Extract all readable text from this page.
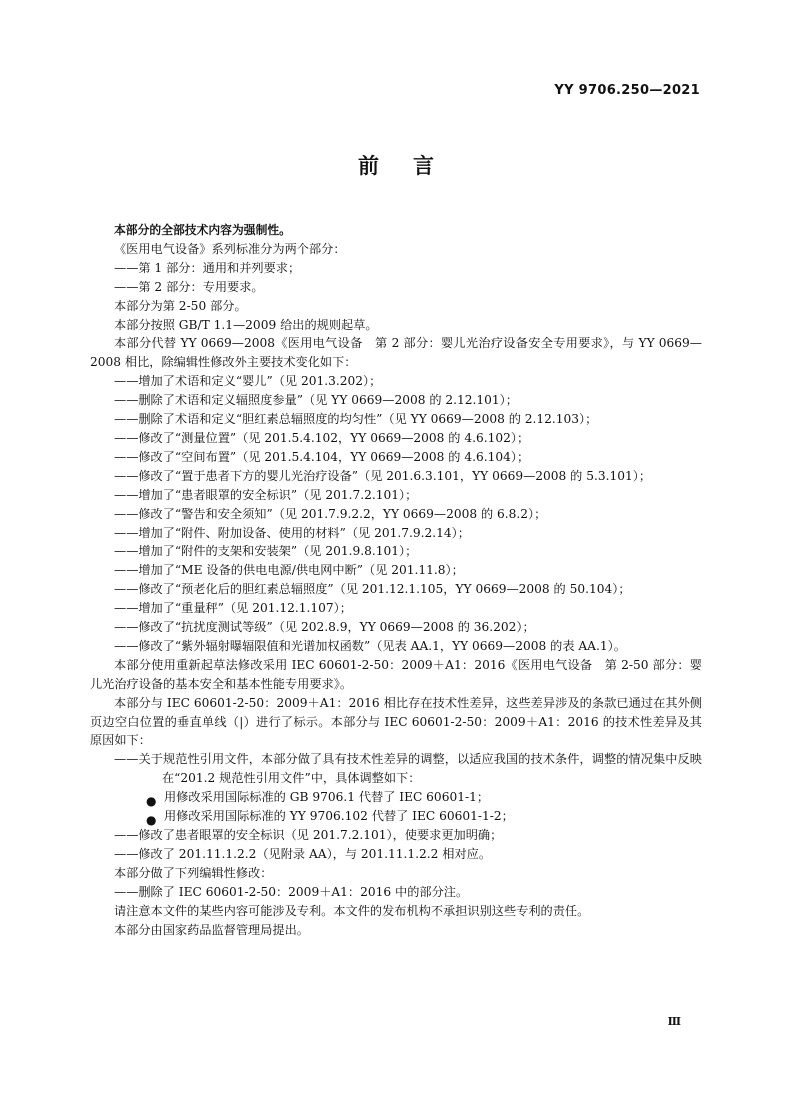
YY 9706.250—2021
前言

本部分的全部技术内容为强制性。

《医用电气设备》系列标准分为两个部分：

——第 1 部分：通用和并列要求；

——第 2 部分：专用要求。

本部分为第 2-50 部分。

本部分按照 GB/T 1.1—2009 给出的规则起草。

本部分代替 YY 0669—2008《医用电气设备　第 2 部分：婴儿光治疗设备安全专用要求》，与 YY 0669—2008 相比，除编辑性修改外主要技术变化如下：

——增加了术语和定义“婴儿”（见 201.3.202）；

——删除了术语和定义辐照度参量”（见 YY 0669—2008 的 2.12.101）；

——删除了术语和定义“胆红素总辐照度的均匀性”（见 YY 0669—2008 的 2.12.103）；

——修改了“测量位置”（见 201.5.4.102，YY 0669—2008 的 4.6.102）；

——修改了“空间布置”（见 201.5.4.104，YY 0669—2008 的 4.6.104）；

——修改了“置于患者下方的婴儿光治疗设备”（见 201.6.3.101，YY 0669—2008 的 5.3.101）；

——增加了“患者眼罩的安全标识”（见 201.7.2.101）；

——修改了“警告和安全须知”（见 201.7.9.2.2，YY 0669—2008 的 6.8.2）；

——增加了“附件、附加设备、使用的材料”（见 201.7.9.2.14）；

——增加了“附件的支架和安装架”（见 201.9.8.101）；

——增加了“ME 设备的供电电源/供电网中断”（见 201.11.8）；

——修改了“预老化后的胆红素总辐照度”（见 201.12.1.105，YY 0669—2008 的 50.104）；

——增加了“重量秤”（见 201.12.1.107）；

——修改了“抗扰度测试等级”（见 202.8.9，YY 0669—2008 的 36.202）；

——修改了“紫外辐射曝辐限值和光谱加权函数”（见表 AA.1，YY 0669—2008 的表 AA.1）。

本部分使用重新起草法修改采用 IEC 60601-2-50：2009＋A1：2016《医用电气设备　第 2-50 部分：婴儿光治疗设备的基本安全和基本性能专用要求》。

本部分与 IEC 60601-2-50：2009＋A1：2016 相比存在技术性差异，这些差异涉及的条款已通过在其外侧页边空白位置的垂直单线（|）进行了标示。本部分与 IEC 60601-2-50：2009＋A1：2016 的技术性差异及其原因如下：

——关于规范性引用文件，本部分做了具有技术性差异的调整，以适应我国的技术条件，调整的情况集中反映在“201.2 规范性引用文件”中，具体调整如下：

● 用修改采用国际标准的 GB 9706.1 代替了 IEC 60601-1；

● 用修改采用国际标准的 YY 9706.102 代替了 IEC 60601-1-2；

——修改了患者眼罩的安全标识（见 201.7.2.101），使要求更加明确；

——修改了 201.11.1.2.2（见附录 AA），与 201.11.1.2.2 相对应。

本部分做了下列编辑性修改：

——删除了 IEC 60601-2-50：2009＋A1：2016 中的部分注。

请注意本文件的某些内容可能涉及专利。本文件的发布机构不承担识别这些专利的责任。

本部分由国家药品监督管理局提出。

Ⅲ
